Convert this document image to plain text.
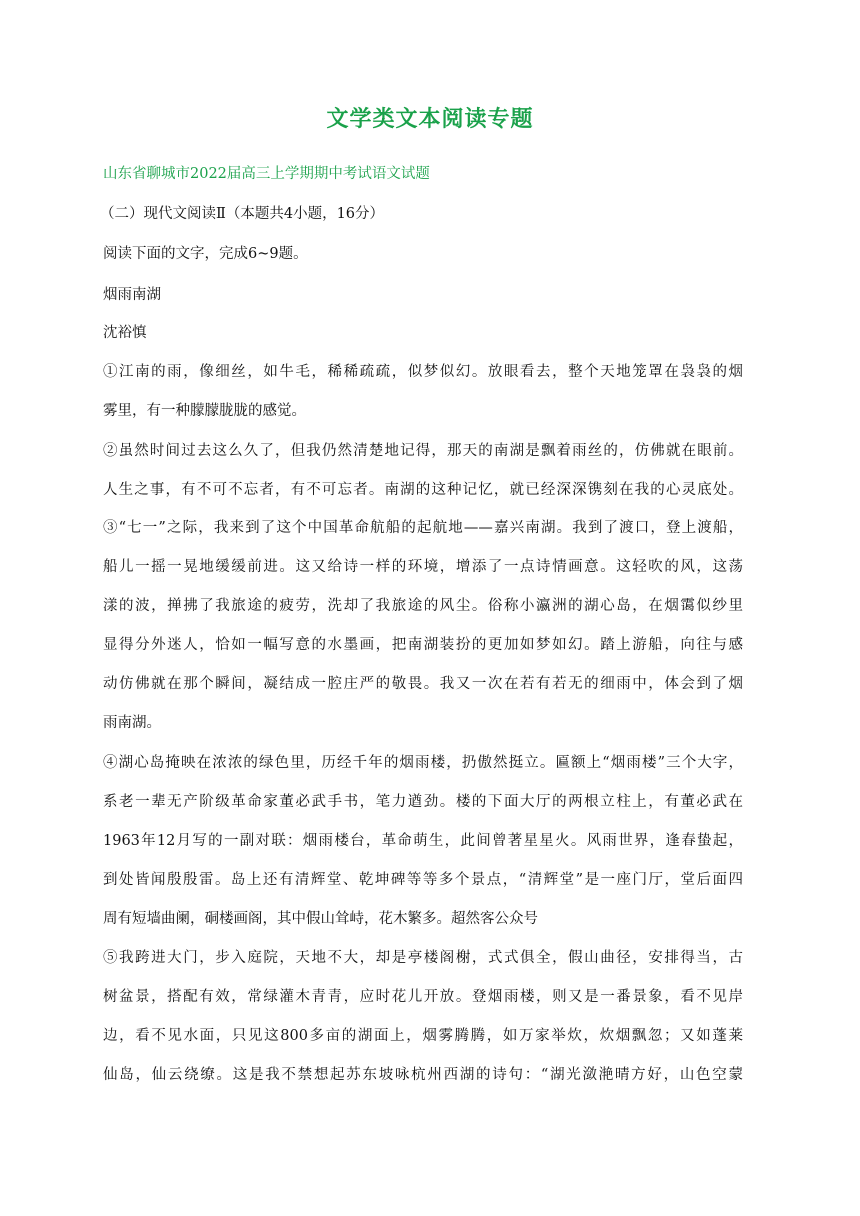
文学类文本阅读专题
山东省聊城市2022届高三上学期期中考试语文试题
（二）现代文阅读Ⅱ（本题共4小题，16分）
阅读下面的文字，完成6~9题。
烟雨南湖
沈裕慎
①江南的雨，像细丝，如牛毛，稀稀疏疏，似梦似幻。放眼看去，整个天地笼罩在袅袅的烟
雾里，有一种朦朦胧胧的感觉。
②虽然时间过去这么久了，但我仍然清楚地记得，那天的南湖是飘着雨丝的，仿佛就在眼前。
人生之事，有不可不忘者，有不可忘者。南湖的这种记忆，就已经深深镌刻在我的心灵底处。
③“七一”之际，我来到了这个中国革命航船的起航地——嘉兴南湖。我到了渡口，登上渡船，
船儿一摇一晃地缓缓前进。这又给诗一样的环境，增添了一点诗情画意。这轻吹的风，这荡
漾的波，掸拂了我旅途的疲劳，洗却了我旅途的风尘。俗称小瀛洲的湖心岛，在烟霭似纱里
显得分外迷人，恰如一幅写意的水墨画，把南湖装扮的更加如梦如幻。踏上游船，向往与感
动仿佛就在那个瞬间，凝结成一腔庄严的敬畏。我又一次在若有若无的细雨中，体会到了烟
雨南湖。
④湖心岛掩映在浓浓的绿色里，历经千年的烟雨楼，扔傲然挺立。匾额上“烟雨楼”三个大字，
系老一辈无产阶级革命家董必武手书，笔力遒劲。楼的下面大厅的两根立柱上，有董必武在
1963年12月写的一副对联：烟雨楼台，革命萌生，此间曾著星星火。风雨世界，逢春蛰起，
到处皆闻殷殷雷。岛上还有清辉堂、乾坤碑等等多个景点，“清辉堂”是一座门厅，堂后面四
周有短墙曲阑，硐楼画阁，其中假山耸峙，花木繁多。超然客公众号
⑤我跨进大门，步入庭院，天地不大，却是亭楼阁榭，式式俱全，假山曲径，安排得当，古
树盆景，搭配有效，常绿灌木青青，应时花儿开放。登烟雨楼，则又是一番景象，看不见岸
边，看不见水面，只见这800多亩的湖面上，烟雾腾腾，如万家举炊，炊烟飘忽；又如蓬莱
仙岛，仙云绕缭。这是我不禁想起苏东坡咏杭州西湖的诗句：“湖光潋滟晴方好，山色空蒙
